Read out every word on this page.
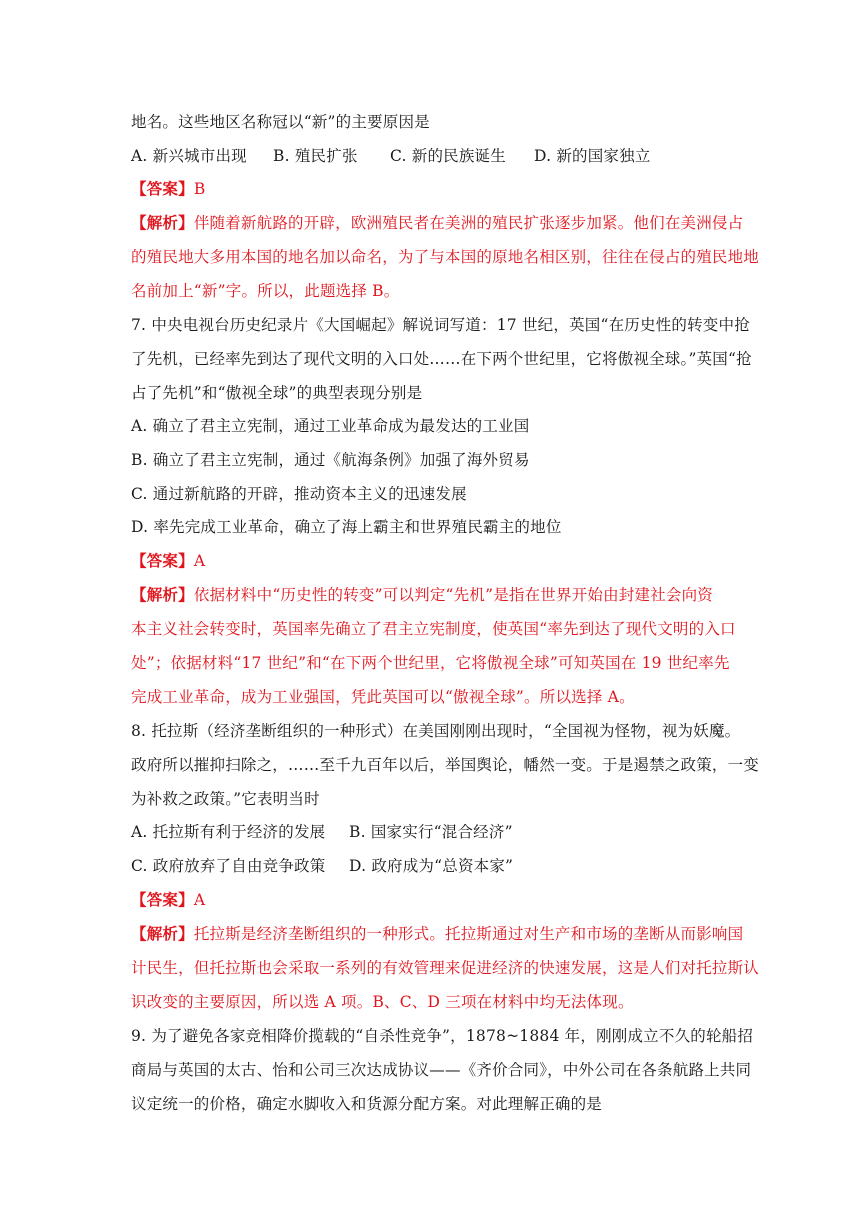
地名。这些地区名称冠以“新”的主要原因是
A. 新兴城市出现 B. 殖民扩张 C. 新的民族诞生 D. 新的国家独立
【答案】B
【解析】伴随着新航路的开辟，欧洲殖民者在美洲的殖民扩张逐步加紧。他们在美洲侵占
的殖民地大多用本国的地名加以命名，为了与本国的原地名相区别，往往在侵占的殖民地地
名前加上“新”字。所以，此题选择 B。
7. 中央电视台历史纪录片《大国崛起》解说词写道：17 世纪，英国“在历史性的转变中抢
了先机，已经率先到达了现代文明的入口处……在下两个世纪里，它将傲视全球。”英国“抢
占了先机”和“傲视全球”的典型表现分别是
A. 确立了君主立宪制，通过工业革命成为最发达的工业国
B. 确立了君主立宪制，通过《航海条例》加强了海外贸易
C. 通过新航路的开辟，推动资本主义的迅速发展
D. 率先完成工业革命，确立了海上霸主和世界殖民霸主的地位
【答案】A
【解析】依据材料中“历史性的转变”可以判定“先机”是指在世界开始由封建社会向资
本主义社会转变时，英国率先确立了君主立宪制度，使英国“率先到达了现代文明的入口
处”；依据材料“17 世纪”和“在下两个世纪里，它将傲视全球”可知英国在 19 世纪率先
完成工业革命，成为工业强国，凭此英国可以“傲视全球”。所以选择 A。
8. 托拉斯（经济垄断组织的一种形式）在美国刚刚出现时，“全国视为怪物，视为妖魔。
政府所以摧抑扫除之，……至千九百年以后，举国舆论，幡然一变。于是遏禁之政策，一变
为补救之政策。”它表明当时
A. 托拉斯有利于经济的发展 B. 国家实行“混合经济”
C. 政府放弃了自由竞争政策 D. 政府成为“总资本家”
【答案】A
【解析】托拉斯是经济垄断组织的一种形式。托拉斯通过对生产和市场的垄断从而影响国
计民生，但托拉斯也会采取一系列的有效管理来促进经济的快速发展，这是人们对托拉斯认
识改变的主要原因，所以选 A 项。B、C、D 三项在材料中均无法体现。
9. 为了避免各家竞相降价揽载的“自杀性竞争”，1878~1884 年，刚刚成立不久的轮船招
商局与英国的太古、怡和公司三次达成协议——《齐价合同》，中外公司在各条航路上共同
议定统一的价格，确定水脚收入和货源分配方案。对此理解正确的是
